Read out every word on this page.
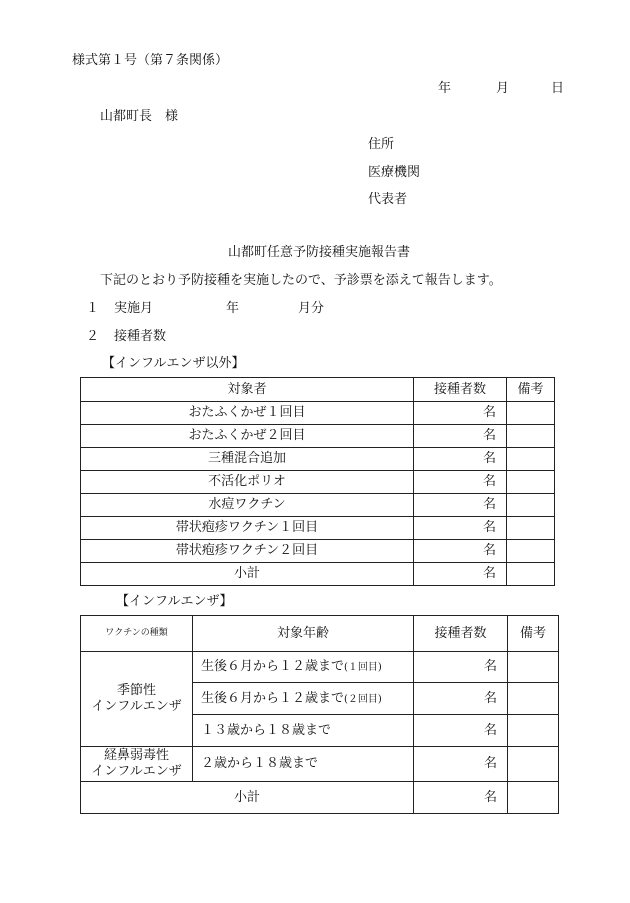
様式第１号（第７条関係）
年	月	日
山都町長　様
住所
医療機関
代表者
山都町任意予防接種実施報告書
下記のとおり予防接種を実施したので、予診票を添えて報告します。
１ 実施月	年	月分
２ 接種者数
【インフルエンザ以外】
対象者	接種者数	備考
おたふくかぜ１回目	名	
おたふくかぜ２回目	名	
三種混合追加	名	
不活化ポリオ	名	
水痘ワクチン	名	
帯状疱疹ワクチン１回目	名	
帯状疱疹ワクチン２回目	名	
小計	名	
【インフルエンザ】
ワクチンの種類	対象年齢	接種者数	備考
季節性
インフルエンザ	生後６月から１２歳まで(１回目)	名	
	生後６月から１２歳まで(２回目)	名	
	１３歳から１８歳まで	名	
経鼻弱毒性
インフルエンザ	２歳から１８歳まで	名	
小計		名	
